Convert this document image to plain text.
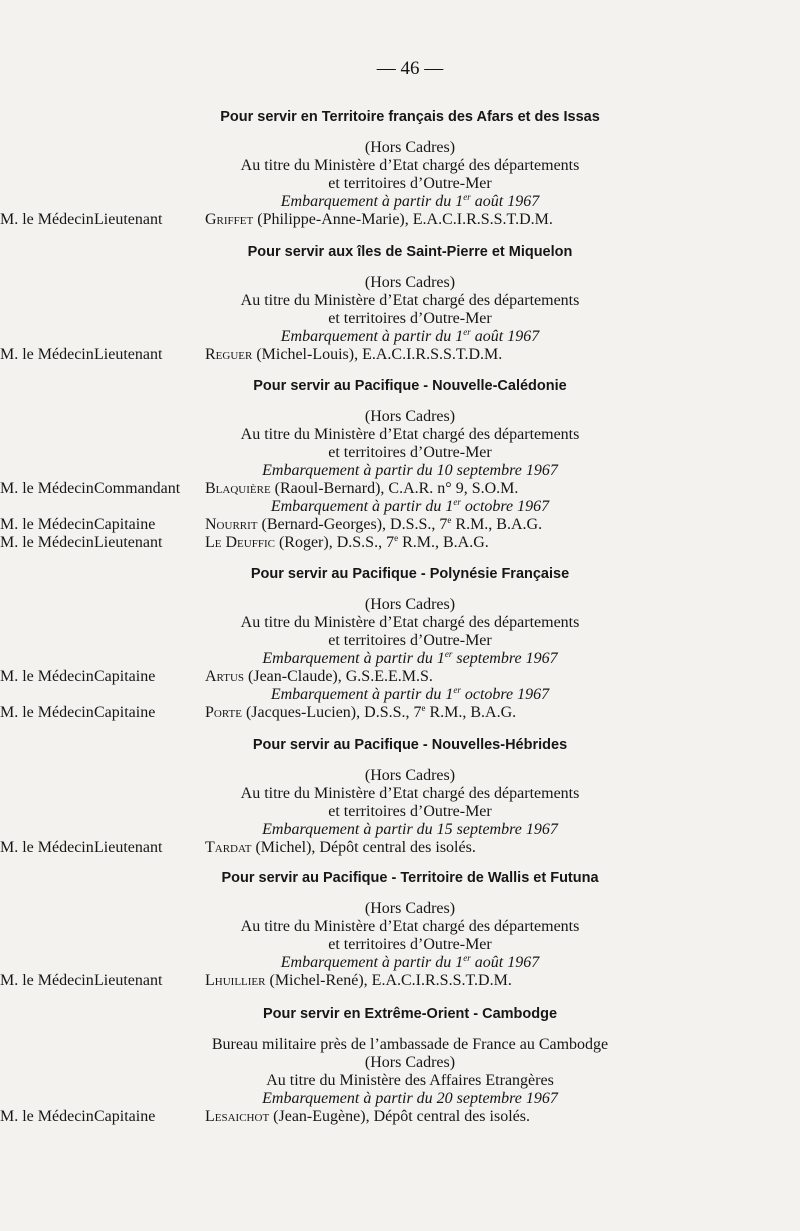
— 46 —
Pour servir en Territoire français des Afars et des Issas
(Hors Cadres)
Au titre du Ministère d’Etat chargé des départements
et territoires d’Outre-Mer
Embarquement à partir du 1er août 1967
M. le Médecin Lieutenant	Griffet (Philippe-Anne-Marie), E.A.C.I.R.S.S.T.D.M.
Pour servir aux îles de Saint-Pierre et Miquelon
(Hors Cadres)
Au titre du Ministère d’Etat chargé des départements
et territoires d’Outre-Mer
Embarquement à partir du 1er août 1967
M. le Médecin Lieutenant	Reguer (Michel-Louis), E.A.C.I.R.S.S.T.D.M.
Pour servir au Pacifique - Nouvelle-Calédonie
(Hors Cadres)
Au titre du Ministère d’Etat chargé des départements
et territoires d’Outre-Mer
Embarquement à partir du 10 septembre 1967
M. le Médecin Commandant Blaquière (Raoul-Bernard), C.A.R. n° 9, S.O.M.
Embarquement à partir du 1er octobre 1967
M. le Médecin Capitaine	Nourrit (Bernard-Georges), D.S.S., 7e R.M., B.A.G.
M. le Médecin Lieutenant	Le Deuffic (Roger), D.S.S., 7e R.M., B.A.G.
Pour servir au Pacifique - Polynésie Française
(Hors Cadres)
Au titre du Ministère d’Etat chargé des départements
et territoires d’Outre-Mer
Embarquement à partir du 1er septembre 1967
M. le Médecin Capitaine	Artus (Jean-Claude), G.S.E.E.M.S.
Embarquement à partir du 1er octobre 1967
M. le Médecin Capitaine	Porte (Jacques-Lucien), D.S.S., 7e R.M., B.A.G.
Pour servir au Pacifique - Nouvelles-Hébrides
(Hors Cadres)
Au titre du Ministère d’Etat chargé des départements
et territoires d’Outre-Mer
Embarquement à partir du 15 septembre 1967
M. le Médecin Lieutenant	Tardat (Michel), Dépôt central des isolés.
Pour servir au Pacifique - Territoire de Wallis et Futuna
(Hors Cadres)
Au titre du Ministère d’Etat chargé des départements
et territoires d’Outre-Mer
Embarquement à partir du 1er août 1967
M. le Médecin Lieutenant	Lhuillier (Michel-René), E.A.C.I.R.S.S.T.D.M.
Pour servir en Extrême-Orient - Cambodge
Bureau militaire près de l’ambassade de France au Cambodge
(Hors Cadres)
Au titre du Ministère des Affaires Etrangères
Embarquement à partir du 20 septembre 1967
M. le Médecin Capitaine	Lesaichot (Jean-Eugène), Dépôt central des isolés.
